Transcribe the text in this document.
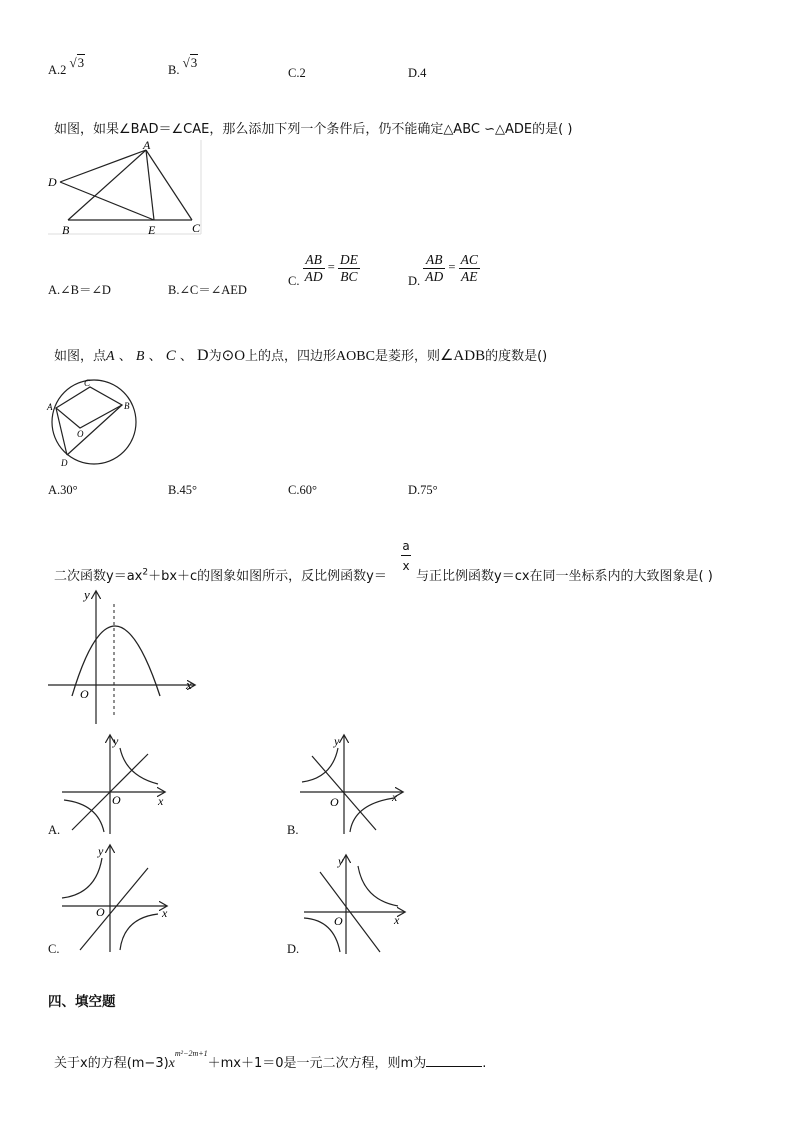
A.2 √3	B. √3
C.2	D.4
如图，如果∠BAD＝∠CAE，那么添加下列一个条件后，仍不能确定△ABC ∽△ADE的是( )
A
D
B	E	C
A.∠B＝∠D	B.∠C＝∠AED
C. $\frac{AB}{AD} = \frac{DE}{BC}$	D. $\frac{AB}{AD} = \frac{AC}{AE}$
如图，点A 、 B 、 C 、 D为⊙O上的点，四边形AOBC是菱形，则∠ADB的度数是()
C
A	B
O
D
A.30°	B.45°	C.60°	D.75°
二次函数$y=ax^2+bx+c$的图象如图所示，反比例函数y＝
a
x
与正比例函数y＝cx在同一坐标系内的大致图象是( )
x
y
O
x
y
O
A.
x
y
O
B.
x
y
O
C.
x
y
O
D.
四、填空题
关于x的方程$(m-3)x^{m^2-2m+1}+mx+1=0$是一元二次方程，则m为	.
